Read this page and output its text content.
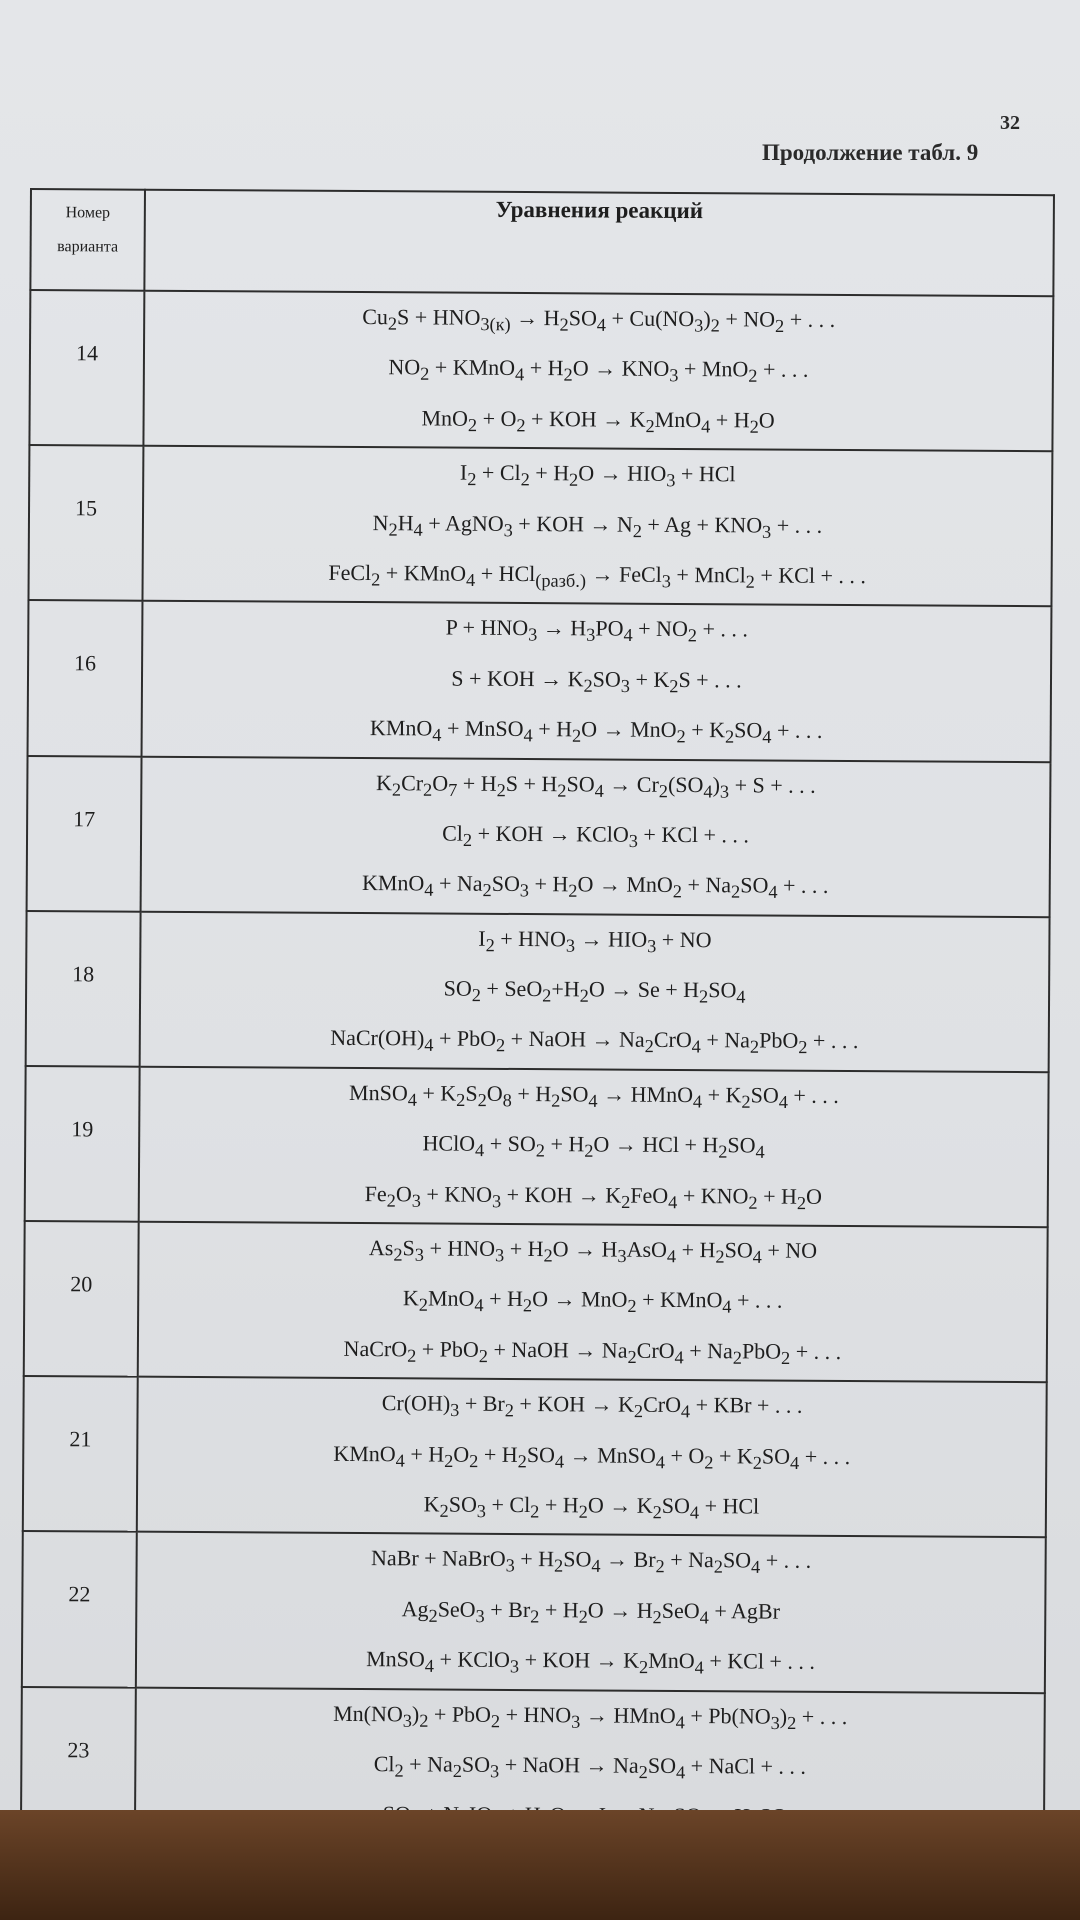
32
Продолжение табл. 9
Номер
варианта	Уравнения реакций
14	$Cu_2S + HNO_{3(к)} \to H_2SO_4 + Cu(NO_3)_2 + NO_2$ + . . .
$NO_2$ + KMnO$_4$ + $H_2O \to KNO_3 + MnO_2$ + . . .
$MnO_2 + O_2$ + KOH → $K_2MnO_4 + H_2O$

15	$I_2 + Cl_2 + H_2O \to HIO_3$ + HCl
$N_2H_4$ + AgNO$_3$ + KOH → $N_2 + Ag + KNO_3$ + . . .
FeCl$_2$ + KMnO$_4$ + HCl$_{(разб.)}$ → FeCl$_3$ + MnCl$_2$ + KCl + . . .

16	$P + HNO_3 \to H_3PO_4 + NO_2$ + . . .
S + KOH → $K_2SO_3 + K_2S$ + . . .
KMnO$_4$ + MnSO$_4$ + $H_2O \to MnO_2 + K_2SO_4$ + . . .

17	$K_2Cr_2O_7 + H_2S + H_2SO_4 \to Cr_2(SO_4)_3 + S$ + . . .
$Cl_2$ + KOH → KClO$_3$ + KCl + . . .
KMnO$_4$ + $Na_2SO_3 + H_2O \to MnO_2 + Na_2SO_4$ + . . .

18	$I_2 + HNO_3 \to HIO_3$ + NO
$SO_2 + SeO_2+H_2O \to Se + H_2SO_4$
$NaCr(OH)_4 + PbO_2$ + NaOH → $Na_2CrO_4 + Na_2PbO_2$ + . . .

19	MnSO$_4$ + $K_2S_2O_8 + H_2SO_4$ → HMnO$_4$ + $K_2SO_4$ + . . .
HClO$_4$ + $SO_2 + H_2O$ → HCl + $H_2SO_4$
$Fe_2O_3 + KNO_3$ + KOH → $K_2FeO_4 + KNO_2 + H_2O$

20	$As_2S_3 + HNO_3 + H_2O \to H_3AsO_4 + H_2SO_4$ + NO
$K_2MnO_4 + H_2O \to MnO_2$ + KMnO$_4$ + . . .
NaCrO$_2$ + PbO$_2$ + NaOH → $Na_2CrO_4 + Na_2PbO_2$ + . . .

21	$Cr(OH)_3 + Br_2$ + KOH → $K_2CrO_4$ + KBr + . . .
KMnO$_4$ + $H_2O_2 + H_2SO_4$ → MnSO$_4$ + $O_2 + K_2SO_4$ + . . .
$K_2SO_3 + Cl_2 + H_2O \to K_2SO_4$ + HCl

22	NaBr + NaBrO$_3$ + $H_2SO_4 \to Br_2 + Na_2SO_4$ + . . .
$Ag_2SeO_3 + Br_2 + H_2O \to H_2SeO_4$ + AgBr
MnSO$_4$ + KClO$_3$ + KOH → $K_2MnO_4$ + KCl + . . .

23	$Mn(NO_3)_2 + PbO_2 + HNO_3$ → HMnO$_4$ + $Pb(NO_3)_2$ + . . .
$Cl_2 + Na_2SO_3$ + NaOH → $Na_2SO_4$ + NaCl + . . .
